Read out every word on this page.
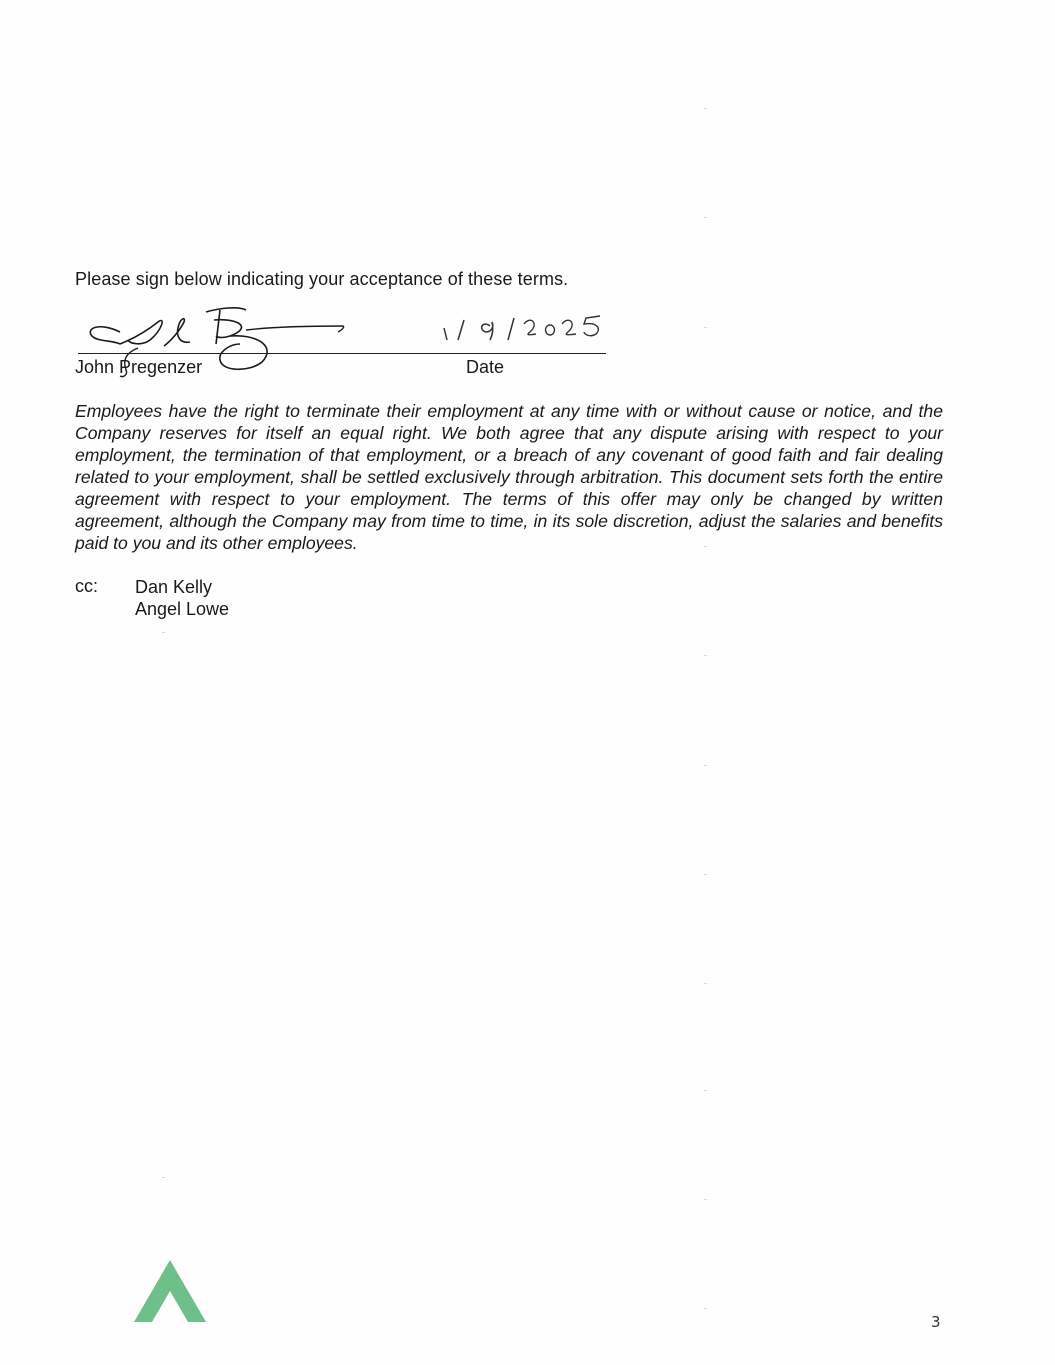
Please sign below indicating your acceptance of these terms.
John Pregenzer	Date

Employees have the right to terminate their employment at any time with or without cause or notice, and the Company reserves for itself an equal right. We both agree that any dispute arising with respect to your employment, the termination of that employment, or a breach of any covenant of good faith and fair dealing related to your employment, shall be settled exclusively through arbitration. This document sets forth the entire agreement with respect to your employment. The terms of this offer may only be changed by written agreement, although the Company may from time to time, in its sole discretion, adjust the salaries and benefits paid to you and its other employees.

cc: Dan Kelly
Angel Lowe
3
